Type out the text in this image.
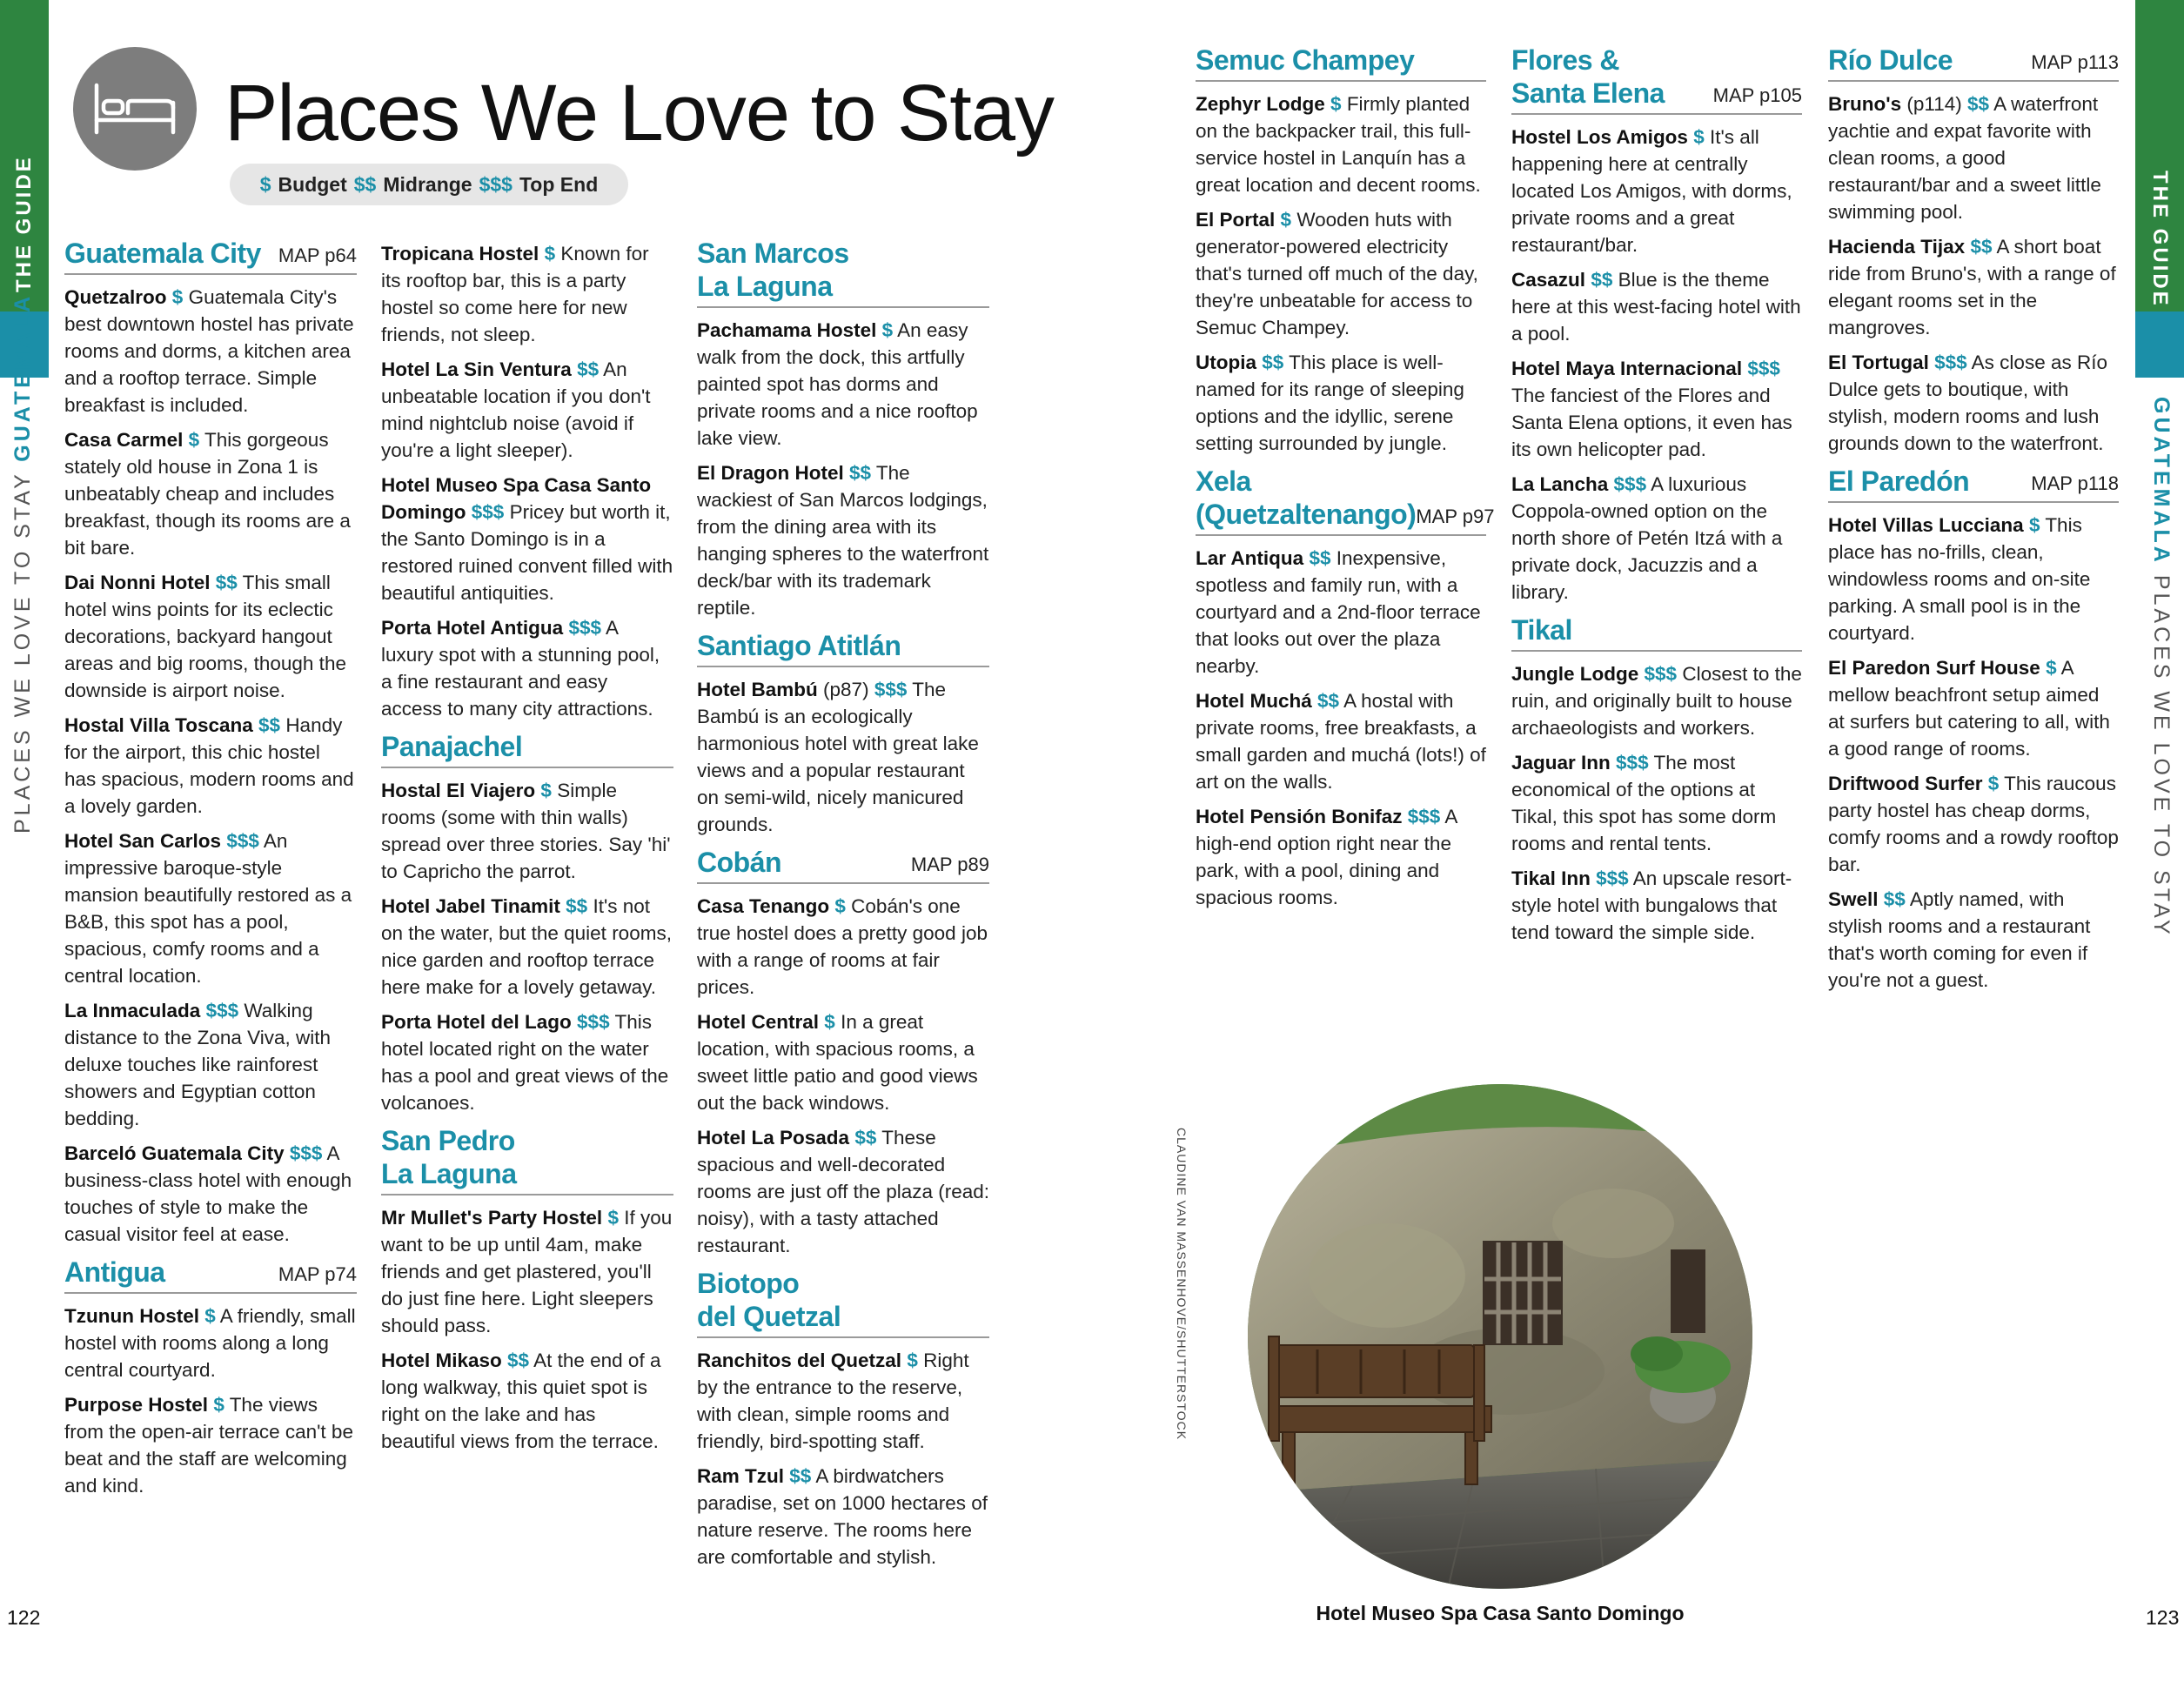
THE GUIDE
PLACES WE LOVE TO STAY GUATEMALA
THE GUIDE
GUATEMALA PLACES WE LOVE TO STAY
Places We Love to Stay
$ Budget $$ Midrange $$$ Top End
Guatemala City MAP p64

Quetzalroo $ Guatemala City's best downtown hostel has private rooms and dorms, a kitchen area and a rooftop terrace. Simple breakfast is included.

Casa Carmel $ This gorgeous stately old house in Zona 1 is unbeatably cheap and includes breakfast, though its rooms are a bit bare.

Dai Nonni Hotel $$ This small hotel wins points for its eclectic decorations, backyard hangout areas and big rooms, though the downside is airport noise.

Hostal Villa Toscana $$ Handy for the airport, this chic hostel has spacious, modern rooms and a lovely garden.

Hotel San Carlos $$$ An impressive baroque-style mansion beautifully restored as a B&B, this spot has a pool, spacious, comfy rooms and a central location.

La Inmaculada $$$ Walking distance to the Zona Viva, with deluxe touches like rainforest showers and Egyptian cotton bedding.

Barceló Guatemala City $$$ A business-class hotel with enough touches of style to make the casual visitor feel at ease.

Antigua	MAP p74

Tzunun Hostel $ A friendly, small hostel with rooms along a long central courtyard.

Purpose Hostel $ The views from the open-air terrace can't be beat and the staff are welcoming and kind.

Tropicana Hostel $ Known for its rooftop bar, this is a party hostel so come here for new friends, not sleep.

Hotel La Sin Ventura $$ An unbeatable location if you don't mind nightclub noise (avoid if you're a light sleeper).

Hotel Museo Spa Casa Santo Domingo $$$ Pricey but worth it, the Santo Domingo is in a restored ruined convent filled with beautiful antiquities.

Porta Hotel Antigua $$$ A luxury spot with a stunning pool, a fine restaurant and easy access to many city attractions.

Panajachel

Hostal El Viajero $ Simple rooms (some with thin walls) spread over three stories. Say 'hi' to Capricho the parrot.

Hotel Jabel Tinamit $$ It's not on the water, but the quiet rooms, nice garden and rooftop terrace here make for a lovely getaway.

Porta Hotel del Lago $$$ This hotel located right on the water has a pool and great views of the volcanoes.

San Pedro
La Laguna

Mr Mullet's Party Hostel $ If you want to be up until 4am, make friends and get plastered, you'll do just fine here. Light sleepers should pass.

Hotel Mikaso $$ At the end of a long walkway, this quiet spot is right on the lake and has beautiful views from the terrace.

San Marcos
La Laguna

Pachamama Hostel $ An easy walk from the dock, this artfully painted spot has dorms and private rooms and a nice rooftop lake view.

El Dragon Hotel $$ The wackiest of San Marcos lodgings, from the dining area with its hanging spheres to the waterfront deck/bar with its trademark reptile.

Santiago Atitlán

Hotel Bambú (p87) $$$ The Bambú is an ecologically harmonious hotel with great lake views and a popular restaurant on semi-wild, nicely manicured grounds.

Cobán	MAP p89

Casa Tenango $ Cobán's one true hostel does a pretty good job with a range of rooms at fair prices.

Hotel Central $ In a great location, with spacious rooms, a sweet little patio and good views out the back windows.

Hotel La Posada $$ These spacious and well-decorated rooms are just off the plaza (read: noisy), with a tasty attached restaurant.

Biotopo
del Quetzal

Ranchitos del Quetzal $ Right by the entrance to the reserve, with clean, simple rooms and friendly, bird-spotting staff.

Ram Tzul $$ A birdwatchers paradise, set on 1000 hectares of nature reserve. The rooms here are comfortable and stylish.

Semuc Champey

Zephyr Lodge $ Firmly planted on the backpacker trail, this full-service hostel in Lanquín has a great location and decent rooms.

El Portal $ Wooden huts with generator-powered electricity that's turned off much of the day, they're unbeatable for access to Semuc Champey.

Utopia $$ This place is well-named for its range of sleeping options and the idyllic, serene setting surrounded by jungle.

Xela
(Quetzaltenango) MAP p97

Lar Antiqua $$ Inexpensive, spotless and family run, with a courtyard and a 2nd-floor terrace that looks out over the plaza nearby.

Hotel Muchá $$ A hostal with private rooms, free breakfasts, a small garden and muchá (lots!) of art on the walls.

Hotel Pensión Bonifaz $$$ A high-end option right near the park, with a pool, dining and spacious rooms.

Flores &
Santa Elena	MAP p105

Hostel Los Amigos $ It's all happening here at centrally located Los Amigos, with dorms, private rooms and a great restaurant/bar.

Casazul $$ Blue is the theme here at this west-facing hotel with a pool.

Hotel Maya Internacional $$$ The fanciest of the Flores and Santa Elena options, it even has its own helicopter pad.

La Lancha $$$ A luxurious Coppola-owned option on the north shore of Petén Itzá with a private dock, Jacuzzis and a library.

Tikal

Jungle Lodge $$$ Closest to the ruin, and originally built to house archaeologists and workers.

Jaguar Inn $$$ The most economical of the options at Tikal, this spot has some dorm rooms and rental tents.

Tikal Inn $$$ An upscale resort-style hotel with bungalows that tend toward the simple side.

Río Dulce	MAP p113

Bruno's (p114) $$ A waterfront yachtie and expat favorite with clean rooms, a good restaurant/bar and a sweet little swimming pool.

Hacienda Tijax $$ A short boat ride from Bruno's, with a range of elegant rooms set in the mangroves.

El Tortugal $$$ As close as Río Dulce gets to boutique, with stylish, modern rooms and lush grounds down to the waterfront.

El Paredón	MAP p118

Hotel Villas Lucciana $ This place has no-frills, clean, windowless rooms and on-site parking. A small pool is in the courtyard.

El Paredon Surf House $ A mellow beachfront setup aimed at surfers but catering to all, with a good range of rooms.

Driftwood Surfer $ This raucous party hostel has cheap dorms, comfy rooms and a rowdy rooftop bar.

Swell $$ Aptly named, with stylish rooms and a restaurant that's worth coming for even if you're not a guest.

CLAUDINE VAN MASSENHOVE/SHUTTERSTOCK
Hotel Museo Spa Casa Santo Domingo
122	123
